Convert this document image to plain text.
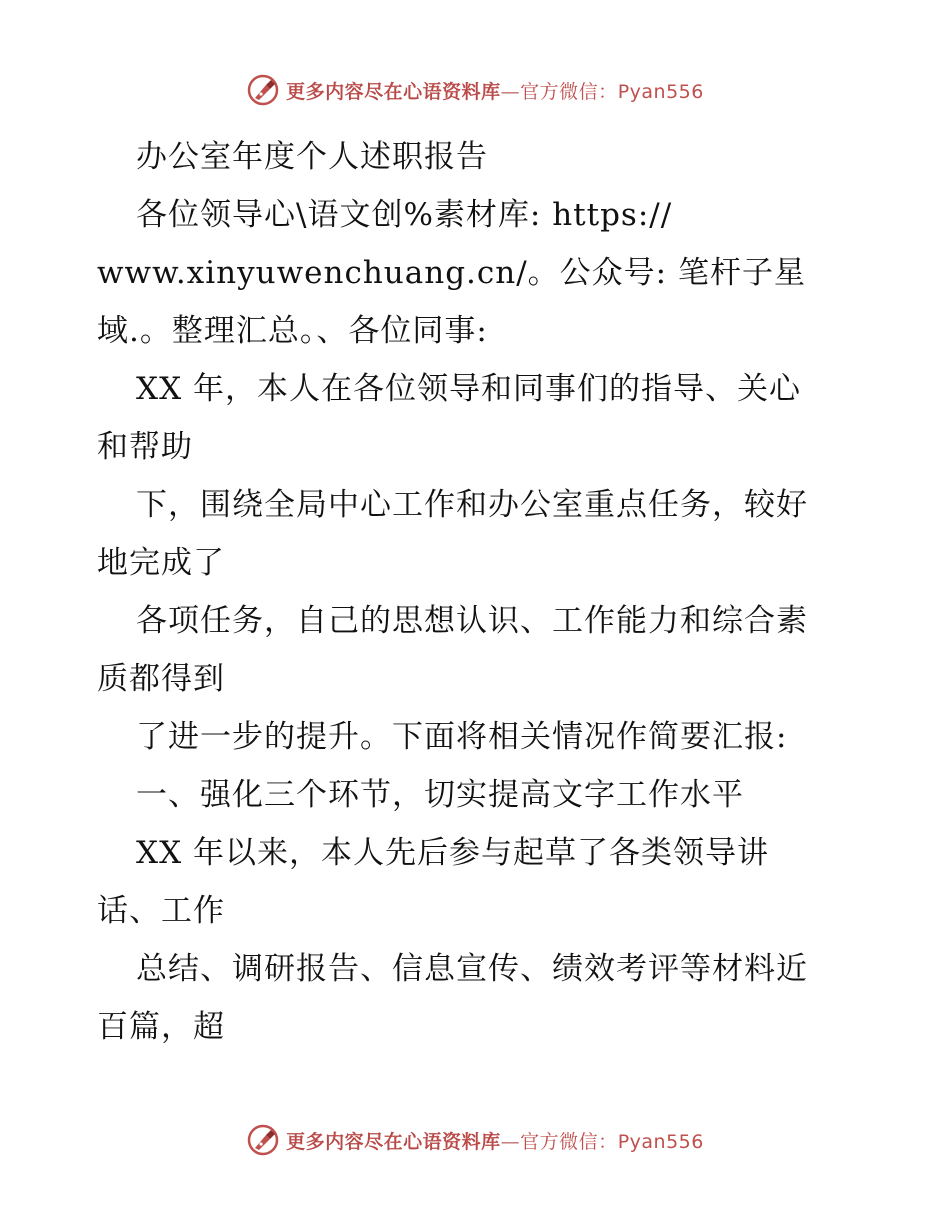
更多内容尽在心语资料库—官方微信：Pyan556
办公室年度个人述职报告
各位领导心\语文创%素材库: https://
www.xinyuwenchuang.cn/。公众号: 笔杆子星
域.。整理汇总。、各位同事:
XX 年，本人在各位领导和同事们的指导、关心
和帮助
下，围绕全局中心工作和办公室重点任务，较好
地完成了
各项任务，自己的思想认识、工作能力和综合素
质都得到
了进一步的提升。下面将相关情况作简要汇报:
一、强化三个环节，切实提高文字工作水平
XX 年以来，本人先后参与起草了各类领导讲
话、工作
总结、调研报告、信息宣传、绩效考评等材料近
百篇，超
更多内容尽在心语资料库—官方微信：Pyan556
